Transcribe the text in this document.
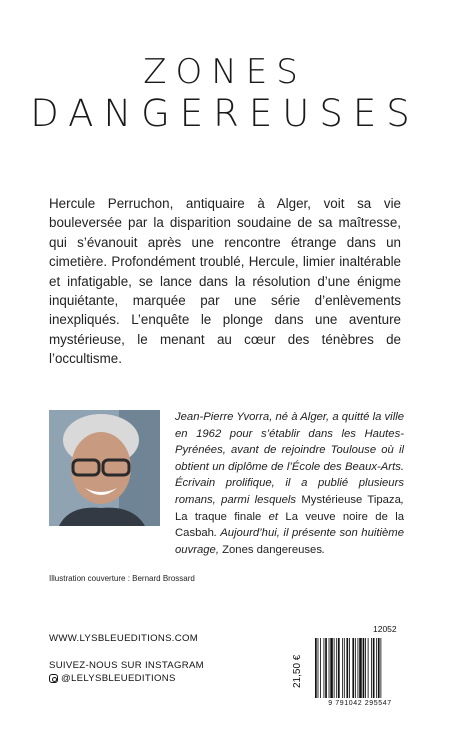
ZONES
DANGEREUSES

Hercule Perruchon, antiquaire à Alger, voit sa vie bouleversée par la disparition soudaine de sa maîtresse, qui s’évanouit après une rencontre étrange dans un cimetière. Profondément troublé, Hercule, limier inaltérable et infatigable, se lance dans la résolution d’une énigme inquiétante, marquée par une série d’enlèvements inexpliqués. L’enquête le plonge dans une aventure mystérieuse, le menant au cœur des ténèbres de l’occultisme.

Jean-Pierre Yvorra, né à Alger, a quitté la ville en 1962 pour s’établir dans les Hautes-Pyrénées, avant de rejoindre Toulouse où il obtient un diplôme de l’École des Beaux-Arts. Écrivain prolifique, il a publié plusieurs romans, parmi lesquels Mystérieuse Tipaza, La traque finale et La veuve noire de la Casbah. Aujourd’hui, il présente son huitième ouvrage, Zones dangereuses.

Illustration couverture : Bernard Brossard
WWW.LYSBLEUEDITIONS.COM
SUIVEZ-NOUS SUR INSTAGRAM
@LELYSBLEUEDITIONS
12052
21,50 €
9 791042 295547
